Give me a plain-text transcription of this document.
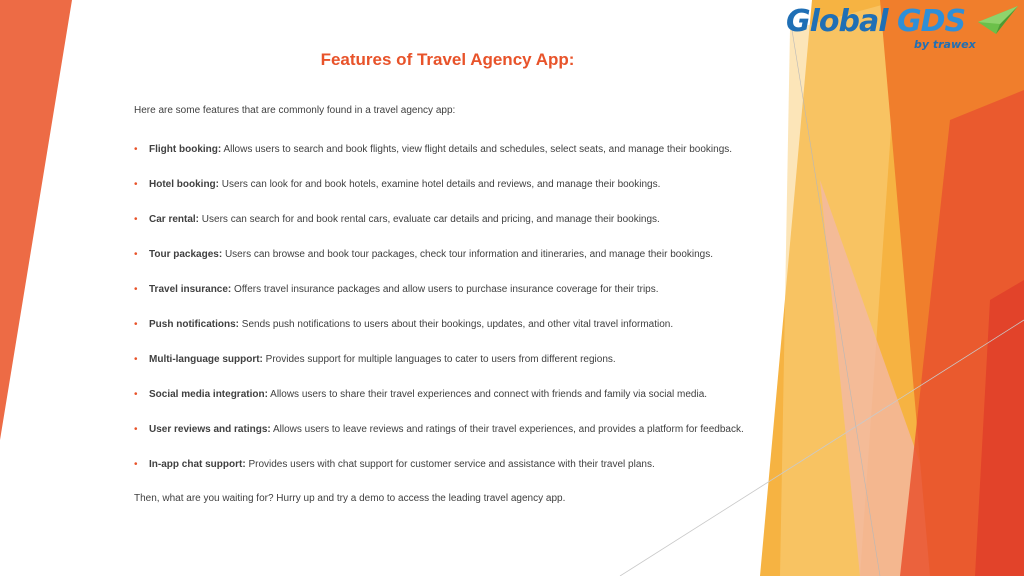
Global GDS
by trawex
Features of Travel Agency App:

Here are some features that are commonly found in a travel agency app:

• Flight booking: Allows users to search and book flights, view flight details and schedules, select seats, and manage their bookings.
• Hotel booking: Users can look for and book hotels, examine hotel details and reviews, and manage their bookings.
• Car rental: Users can search for and book rental cars, evaluate car details and pricing, and manage their bookings.
• Tour packages: Users can browse and book tour packages, check tour information and itineraries, and manage their bookings.
• Travel insurance: Offers travel insurance packages and allow users to purchase insurance coverage for their trips.
• Push notifications: Sends push notifications to users about their bookings, updates, and other vital travel information.
• Multi-language support: Provides support for multiple languages to cater to users from different regions.
• Social media integration: Allows users to share their travel experiences and connect with friends and family via social media.
• User reviews and ratings: Allows users to leave reviews and ratings of their travel experiences, and provides a platform for feedback.
• In-app chat support: Provides users with chat support for customer service and assistance with their travel plans.

Then, what are you waiting for? Hurry up and try a demo to access the leading travel agency app.
